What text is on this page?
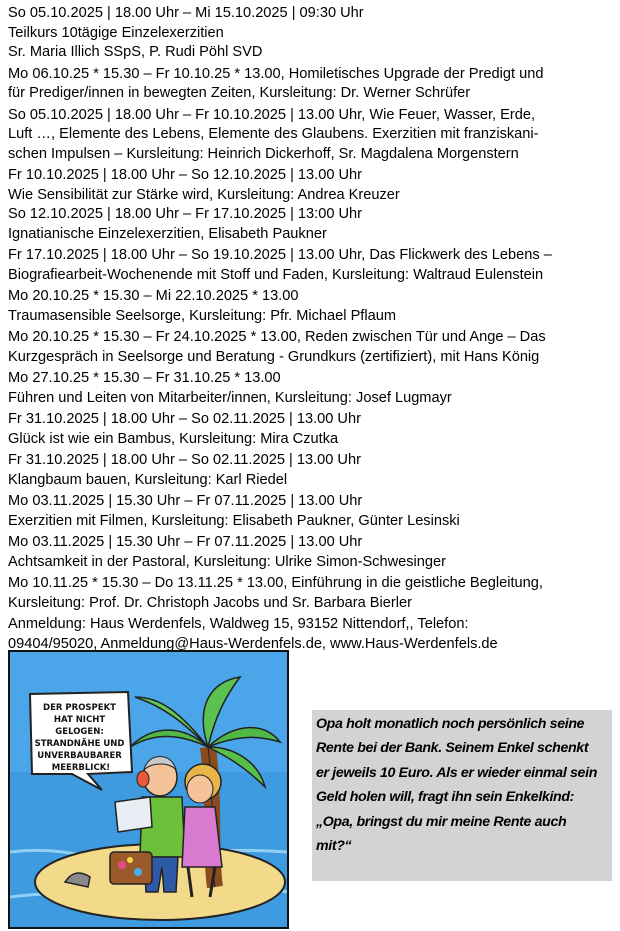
So 05.10.2025 | 18.00 Uhr – Mi 15.10.2025 | 09:30 Uhr
Teilkurs 10tägige Einzelexerzitien
Sr. Maria Illich SSpS, P. Rudi Pöhl SVD
Mo 06.10.25 * 15.30 – Fr 10.10.25 * 13.00, Homiletisches Upgrade der Predigt und
für Prediger/innen in bewegten Zeiten, Kursleitung: Dr. Werner Schrüfer
So 05.10.2025 | 18.00 Uhr – Fr 10.10.2025 | 13.00 Uhr, Wie Feuer, Wasser, Erde,
Luft …, Elemente des Lebens, Elemente des Glaubens. Exerzitien mit franziskani-
schen Impulsen – Kursleitung: Heinrich Dickerhoff, Sr. Magdalena Morgenstern
Fr 10.10.2025 | 18.00 Uhr – So 12.10.2025 | 13.00 Uhr
Wie Sensibilität zur Stärke wird, Kursleitung: Andrea Kreuzer
So 12.10.2025 | 18.00 Uhr – Fr 17.10.2025 | 13:00 Uhr
Ignatianische Einzelexerzitien, Elisabeth Paukner
Fr 17.10.2025 | 18.00 Uhr – So 19.10.2025 | 13.00 Uhr, Das Flickwerk des Lebens –
Biografiearbeit-Wochenende mit Stoff und Faden, Kursleitung: Waltraud Eulenstein
Mo 20.10.25 * 15.30 – Mi 22.10.2025 * 13.00
Traumasensible Seelsorge, Kursleitung: Pfr. Michael Pflaum
Mo 20.10.25 * 15.30 – Fr 24.10.2025 * 13.00, Reden zwischen Tür und Ange – Das
Kurzgespräch in Seelsorge und Beratung - Grundkurs (zertifiziert), mit Hans König
Mo 27.10.25 * 15.30 – Fr 31.10.25 * 13.00
Führen und Leiten von Mitarbeiter/innen, Kursleitung: Josef Lugmayr
Fr 31.10.2025 | 18.00 Uhr – So 02.11.2025 | 13.00 Uhr
Glück ist wie ein Bambus, Kursleitung: Mira Czutka
Fr 31.10.2025 | 18.00 Uhr – So 02.11.2025 | 13.00 Uhr
Klangbaum bauen, Kursleitung: Karl Riedel
Mo 03.11.2025 | 15.30 Uhr – Fr 07.11.2025 | 13.00 Uhr
Exerzitien mit Filmen, Kursleitung: Elisabeth Paukner, Günter Lesinski
Mo 03.11.2025 | 15.30 Uhr – Fr 07.11.2025 | 13.00 Uhr
Achtsamkeit in der Pastoral, Kursleitung: Ulrike Simon-Schwesinger
Mo 10.11.25 * 15.30 – Do 13.11.25 * 13.00, Einführung in die geistliche Begleitung,
Kursleitung: Prof. Dr. Christoph Jacobs und Sr. Barbara Bierler
Anmeldung: Haus Werdenfels, Waldweg 15, 93152 Nittendorf,, Telefon:
09404/95020, Anmeldung@Haus-Werdenfels.de, www.Haus-Werdenfels.de
DER PROSPEKT HAT NICHT GELOGEN: STRANDNÄHE UND UNVERBAUBARER MEERBLICK!
Opa holt monatlich noch persönlich seine
Rente bei der Bank. Seinem Enkel schenkt
er jeweils 10 Euro. Als er wieder einmal sein
Geld holen will, fragt ihn sein Enkelkind:
„Opa, bringst du mir meine Rente auch
mit?“
